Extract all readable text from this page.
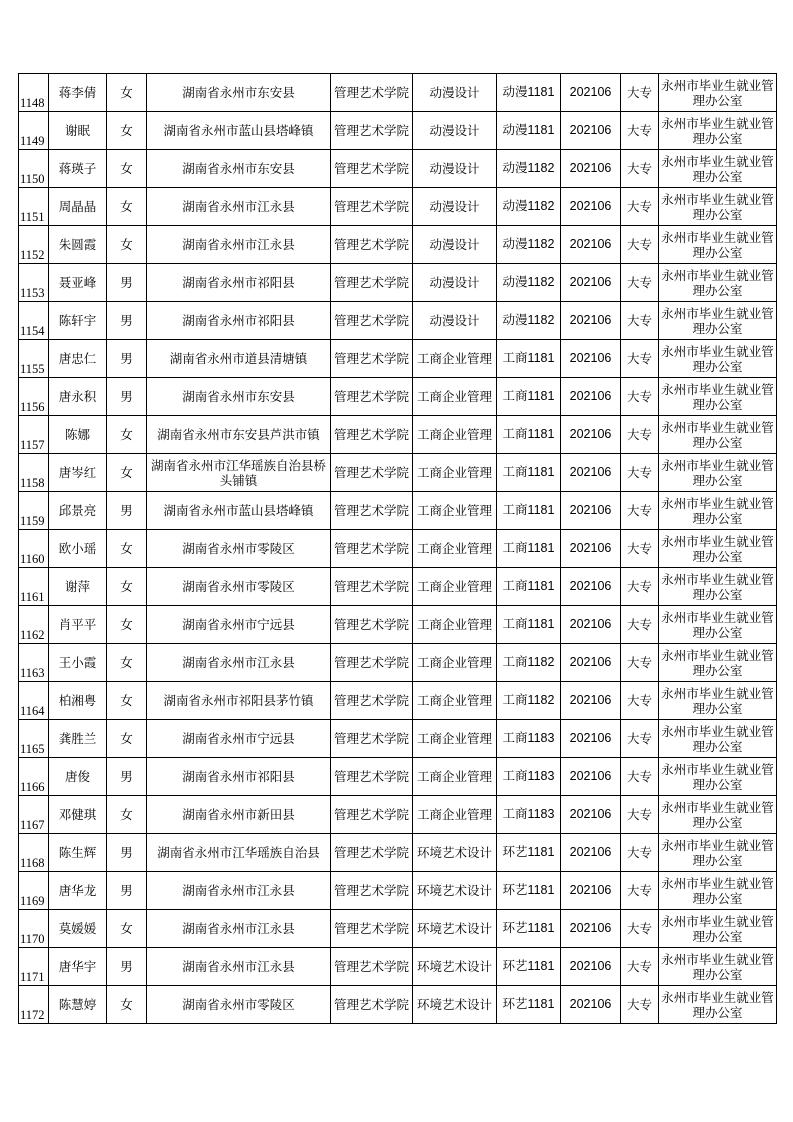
1148	蒋李倩	女	湖南省永州市东安县	管理艺术学院	动漫设计	动漫1181	202106	大专	永州市毕业生就业管理办公室

1149	谢眠	女	湖南省永州市蓝山县塔峰镇	管理艺术学院	动漫设计	动漫1181	202106	大专	永州市毕业生就业管理办公室

1150	蒋瑛子	女	湖南省永州市东安县	管理艺术学院	动漫设计	动漫1182	202106	大专	永州市毕业生就业管理办公室

1151	周晶晶	女	湖南省永州市江永县	管理艺术学院	动漫设计	动漫1182	202106	大专	永州市毕业生就业管理办公室

1152	朱圆霞	女	湖南省永州市江永县	管理艺术学院	动漫设计	动漫1182	202106	大专	永州市毕业生就业管理办公室

1153	聂亚峰	男	湖南省永州市祁阳县	管理艺术学院	动漫设计	动漫1182	202106	大专	永州市毕业生就业管理办公室

1154	陈轩宇	男	湖南省永州市祁阳县	管理艺术学院	动漫设计	动漫1182	202106	大专	永州市毕业生就业管理办公室

1155	唐忠仁	男	湖南省永州市道县清塘镇	管理艺术学院	工商企业管理	工商1181	202106	大专	永州市毕业生就业管理办公室

1156	唐永积	男	湖南省永州市东安县	管理艺术学院	工商企业管理	工商1181	202106	大专	永州市毕业生就业管理办公室

1157	陈娜	女	湖南省永州市东安县芦洪市镇	管理艺术学院	工商企业管理	工商1181	202106	大专	永州市毕业生就业管理办公室

1158	唐岑红	女	湖南省永州市江华瑶族自治县桥头铺镇	管理艺术学院	工商企业管理	工商1181	202106	大专	永州市毕业生就业管理办公室

1159	邱景亮	男	湖南省永州市蓝山县塔峰镇	管理艺术学院	工商企业管理	工商1181	202106	大专	永州市毕业生就业管理办公室

1160	欧小瑶	女	湖南省永州市零陵区	管理艺术学院	工商企业管理	工商1181	202106	大专	永州市毕业生就业管理办公室

1161	谢萍	女	湖南省永州市零陵区	管理艺术学院	工商企业管理	工商1181	202106	大专	永州市毕业生就业管理办公室

1162	肖平平	女	湖南省永州市宁远县	管理艺术学院	工商企业管理	工商1181	202106	大专	永州市毕业生就业管理办公室

1163	王小霞	女	湖南省永州市江永县	管理艺术学院	工商企业管理	工商1182	202106	大专	永州市毕业生就业管理办公室

1164	柏湘粤	女	湖南省永州市祁阳县茅竹镇	管理艺术学院	工商企业管理	工商1182	202106	大专	永州市毕业生就业管理办公室

1165	龚胜兰	女	湖南省永州市宁远县	管理艺术学院	工商企业管理	工商1183	202106	大专	永州市毕业生就业管理办公室

1166	唐俊	男	湖南省永州市祁阳县	管理艺术学院	工商企业管理	工商1183	202106	大专	永州市毕业生就业管理办公室

1167	邓健琪	女	湖南省永州市新田县	管理艺术学院	工商企业管理	工商1183	202106	大专	永州市毕业生就业管理办公室

1168	陈生辉	男	湖南省永州市江华瑶族自治县	管理艺术学院	环境艺术设计	环艺1181	202106	大专	永州市毕业生就业管理办公室

1169	唐华龙	男	湖南省永州市江永县	管理艺术学院	环境艺术设计	环艺1181	202106	大专	永州市毕业生就业管理办公室

1170	莫媛媛	女	湖南省永州市江永县	管理艺术学院	环境艺术设计	环艺1181	202106	大专	永州市毕业生就业管理办公室

1171	唐华宇	男	湖南省永州市江永县	管理艺术学院	环境艺术设计	环艺1181	202106	大专	永州市毕业生就业管理办公室

1172	陈慧婷	女	湖南省永州市零陵区	管理艺术学院	环境艺术设计	环艺1181	202106	大专	永州市毕业生就业管理办公室
